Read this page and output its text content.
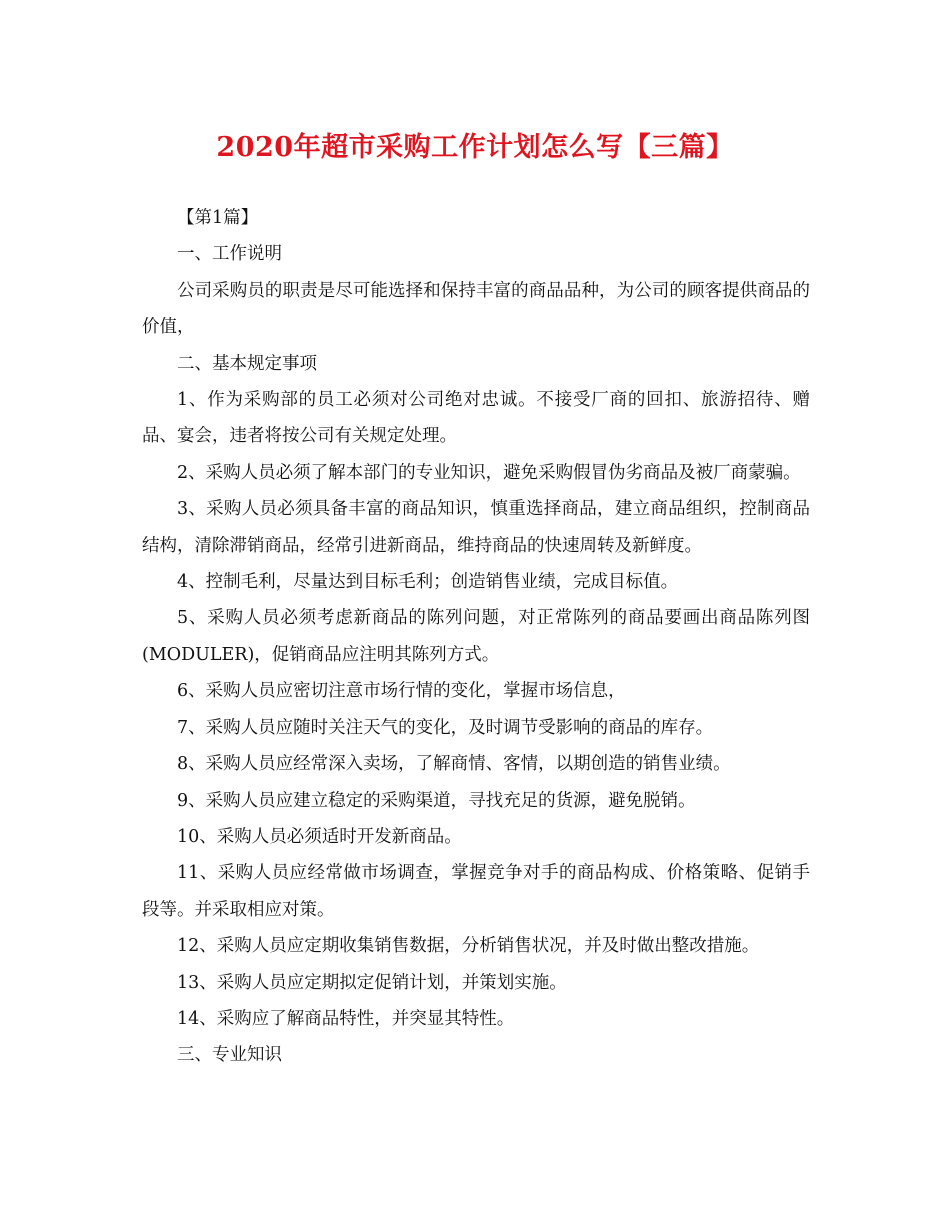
2020年超市采购工作计划怎么写【三篇】

【第1篇】

一、工作说明

公司采购员的职责是尽可能选择和保持丰富的商品品种，为公司的顾客提供商品的价值，

二、基本规定事项

1、作为采购部的员工必须对公司绝对忠诚。不接受厂商的回扣、旅游招待、赠品、宴会，违者将按公司有关规定处理。

2、采购人员必须了解本部门的专业知识，避免采购假冒伪劣商品及被厂商蒙骗。

3、采购人员必须具备丰富的商品知识，慎重选择商品，建立商品组织，控制商品结构，清除滞销商品，经常引进新商品，维持商品的快速周转及新鲜度。

4、控制毛利，尽量达到目标毛利；创造销售业绩，完成目标值。

5、采购人员必须考虑新商品的陈列问题，对正常陈列的商品要画出商品陈列图(MODULER)，促销商品应注明其陈列方式。

6、采购人员应密切注意市场行情的变化，掌握市场信息，

7、采购人员应随时关注天气的变化，及时调节受影响的商品的库存。

8、采购人员应经常深入卖场，了解商情、客情，以期创造的销售业绩。

9、采购人员应建立稳定的采购渠道，寻找充足的货源，避免脱销。

10、采购人员必须适时开发新商品。

11、采购人员应经常做市场调查，掌握竞争对手的商品构成、价格策略、促销手段等。并采取相应对策。

12、采购人员应定期收集销售数据，分析销售状况，并及时做出整改措施。

13、采购人员应定期拟定促销计划，并策划实施。

14、采购应了解商品特性，并突显其特性。

三、专业知识
